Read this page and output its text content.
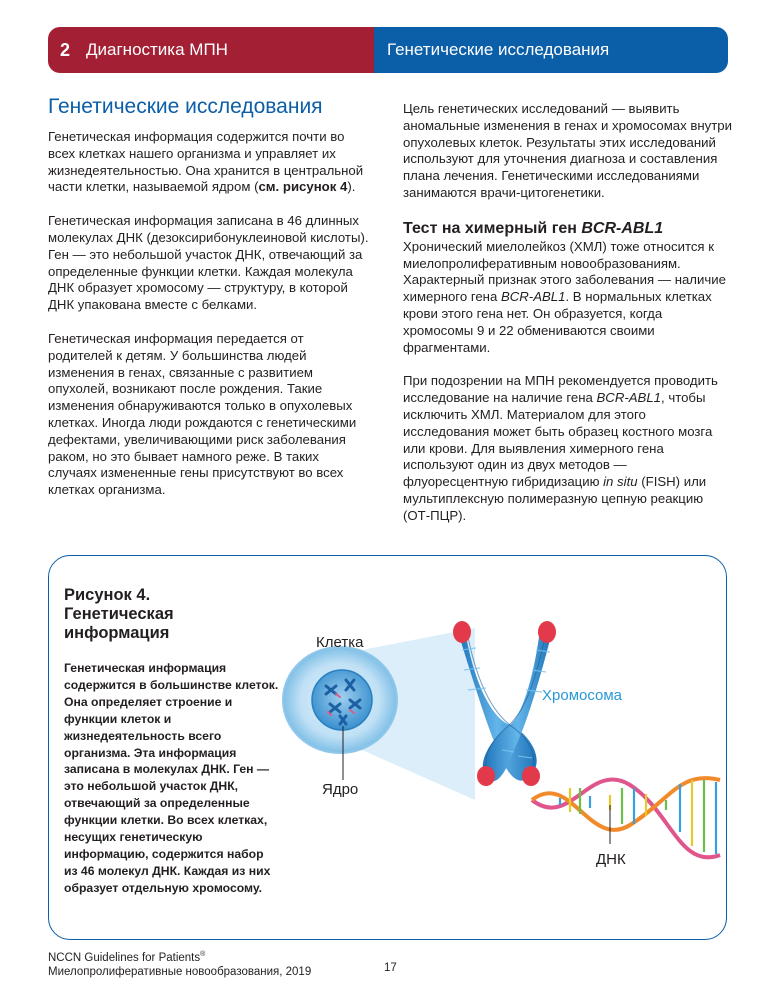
2 Диагностика МПН	Генетические исследования
Генетические исследования

Генетическая информация содержится почти во всех клетках нашего организма и управляет их жизнедеятельностью. Она хранится в центральной части клетки, называемой ядром (см. рисунок 4).

Генетическая информация записана в 46 длинных молекулах ДНК (дезоксирибонуклеиновой кислоты). Ген — это небольшой участок ДНК, отвечающий за определенные функции клетки. Каждая молекула ДНК образует хромосому — структуру, в которой ДНК упакована вместе с белками.

Генетическая информация передается от родителей к детям. У большинства людей изменения в генах, связанные с развитием опухолей, возникают после рождения. Такие изменения обнаруживаются только в опухолевых клетках. Иногда люди рождаются с генетическими дефектами, увеличивающими риск заболевания раком, но это бывает намного реже. В таких случаях измененные гены присутствуют во всех клетках организма.

Цель генетических исследований — выявить аномальные изменения в генах и хромосомах внутри опухолевых клеток. Результаты этих исследований используют для уточнения диагноза и составления плана лечения. Генетическими исследованиями занимаются врачи-цитогенетики.

Тест на химерный ген BCR-ABL1

Хронический миелолейкоз (ХМЛ) тоже относится к миелопролиферативным новообразованиям. Характерный признак этого заболевания — наличие химерного гена BCR-ABL1. В нормальных клетках крови этого гена нет. Он образуется, когда хромосомы 9 и 22 обмениваются своими фрагментами.

При подозрении на МПН рекомендуется проводить исследование на наличие гена BCR-ABL1, чтобы исключить ХМЛ. Материалом для этого исследования может быть образец костного мозга или крови. Для выявления химерного гена используют один из двух методов — флуоресцентную гибридизацию in situ (FISH) или мультиплексную полимеразную цепную реакцию (ОТ-ПЦР).

Рисунок 4. Генетическая информация

Генетическая информация содержится в большинстве клеток. Она определяет строение и функции клеток и жизнедеятельность всего организма. Эта информация записана в молекулах ДНК. Ген — это небольшой участок ДНК, отвечающий за определенные функции клетки. Во всех клетках, несущих генетическую информацию, содержится набор из 46 молекул ДНК. Каждая из них образует отдельную хромосому.

Клетка
Ядро
Хромосома
ДНК
NCCN Guidelines for Patients®
Миелопролиферативные новообразования, 2019	17
